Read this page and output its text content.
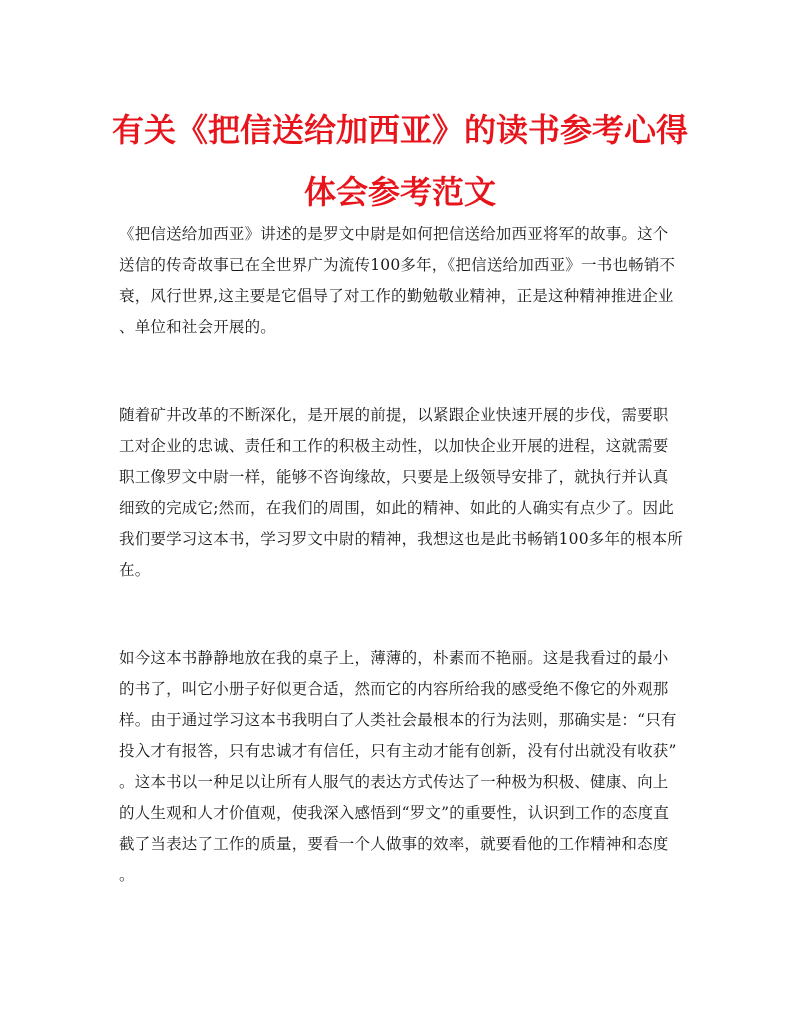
有关《把信送给加西亚》的读书参考心得
体会参考范文

《把信送给加西亚》讲述的是罗文中尉是如何把信送给加西亚将军的故事。这个
送信的传奇故事已在全世界广为流传100多年，《把信送给加西亚》一书也畅销不
衰，风行世界,这主要是它倡导了对工作的勤勉敬业精神，正是这种精神推进企业
、单位和社会开展的。

随着矿井改革的不断深化，是开展的前提，以紧跟企业快速开展的步伐，需要职
工对企业的忠诚、责任和工作的积极主动性，以加快企业开展的进程，这就需要
职工像罗文中尉一样，能够不咨询缘故，只要是上级领导安排了，就执行并认真
细致的完成它;然而，在我们的周围，如此的精神、如此的人确实有点少了。因此
我们要学习这本书，学习罗文中尉的精神，我想这也是此书畅销100多年的根本所
在。

如今这本书静静地放在我的桌子上，薄薄的，朴素而不艳丽。这是我看过的最小
的书了，叫它小册子好似更合适，然而它的内容所给我的感受绝不像它的外观那
样。由于通过学习这本书我明白了人类社会最根本的行为法则，那确实是：“只有
投入才有报答，只有忠诚才有信任，只有主动才能有创新，没有付出就没有收获”
。这本书以一种足以让所有人服气的表达方式传达了一种极为积极、健康、向上
的人生观和人才价值观，使我深入感悟到“罗文”的重要性，认识到工作的态度直
截了当表达了工作的质量，要看一个人做事的效率，就要看他的工作精神和态度
。
